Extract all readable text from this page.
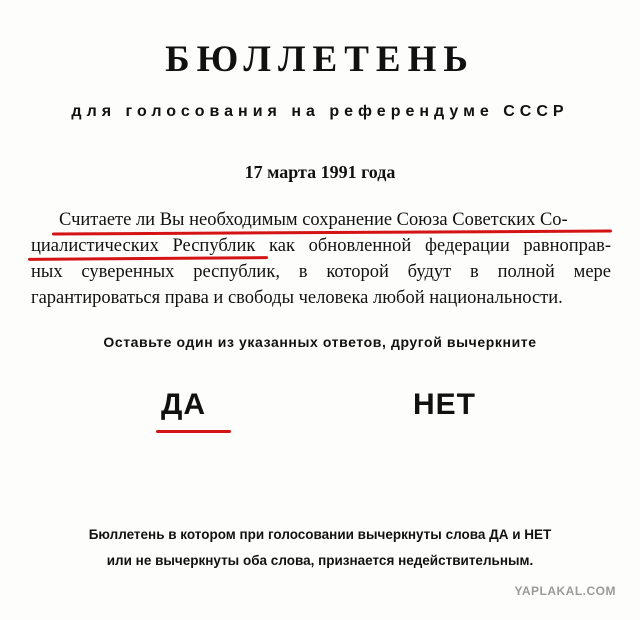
БЮЛЛЕТЕНЬ
для голосования на референдуме СССР
17 марта 1991 года
Считаете ли Вы необходимым сохранение Союза Советских Со-
циалистических Республик как обновленной федерации равноправ-
ных суверенных республик, в которой будут в полной мере
гарантироваться права и свободы человека любой национальности.
Оставьте один из указанных ответов, другой вычеркните
ДА	НЕТ
Бюллетень в котором при голосовании вычеркнуты слова ДА и НЕТ
или не вычеркнуты оба слова, признается недействительным.
YAPLAKAL.COM
